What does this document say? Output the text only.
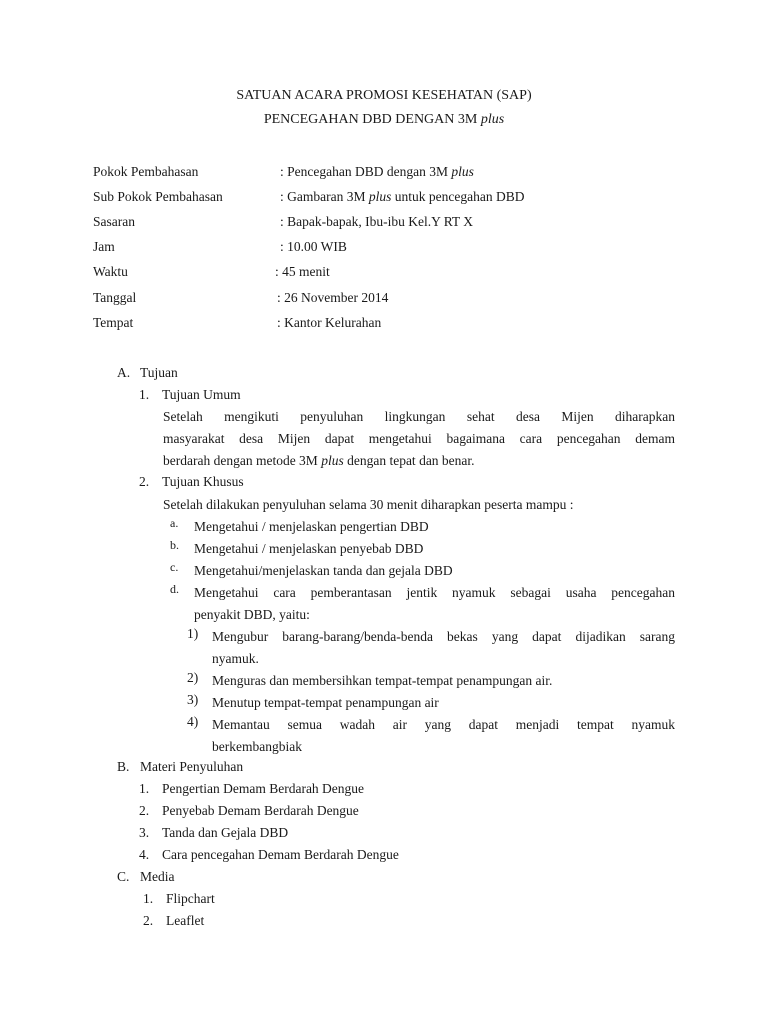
SATUAN ACARA PROMOSI KESEHATAN (SAP)
PENCEGAHAN DBD DENGAN 3M plus
Pokok Pembahasan	: Pencegahan DBD dengan 3M plus
Sub Pokok Pembahasan	: Gambaran 3M plus untuk pencegahan DBD
Sasaran	: Bapak-bapak, Ibu-ibu Kel.Y RT X
Jam	: 10.00 WIB
Waktu	: 45 menit
Tanggal	: 26 November 2014
Tempat	: Kantor Kelurahan
A. Tujuan
1. Tujuan Umum
Setelah mengikuti penyuluhan lingkungan sehat desa Mijen diharapkan
masyarakat desa Mijen dapat mengetahui bagaimana cara pencegahan demam
berdarah dengan metode 3M plus dengan tepat dan benar.
2. Tujuan Khusus
Setelah dilakukan penyuluhan selama 30 menit diharapkan peserta mampu :
a. Mengetahui / menjelaskan pengertian DBD
b. Mengetahui / menjelaskan penyebab DBD
c. Mengetahui/menjelaskan tanda dan gejala DBD
d. Mengetahui cara pemberantasan jentik nyamuk sebagai usaha pencegahan
penyakit DBD, yaitu:
1) Mengubur barang-barang/benda-benda bekas yang dapat dijadikan sarang
nyamuk.
2) Menguras dan membersihkan tempat-tempat penampungan air.
3) Menutup tempat-tempat penampungan air
4) Memantau semua wadah air yang dapat menjadi tempat nyamuk
berkembangbiak
B. Materi Penyuluhan
1. Pengertian Demam Berdarah Dengue
2. Penyebab Demam Berdarah Dengue
3. Tanda dan Gejala DBD
4. Cara pencegahan Demam Berdarah Dengue
C. Media
1. Flipchart
2. Leaflet
